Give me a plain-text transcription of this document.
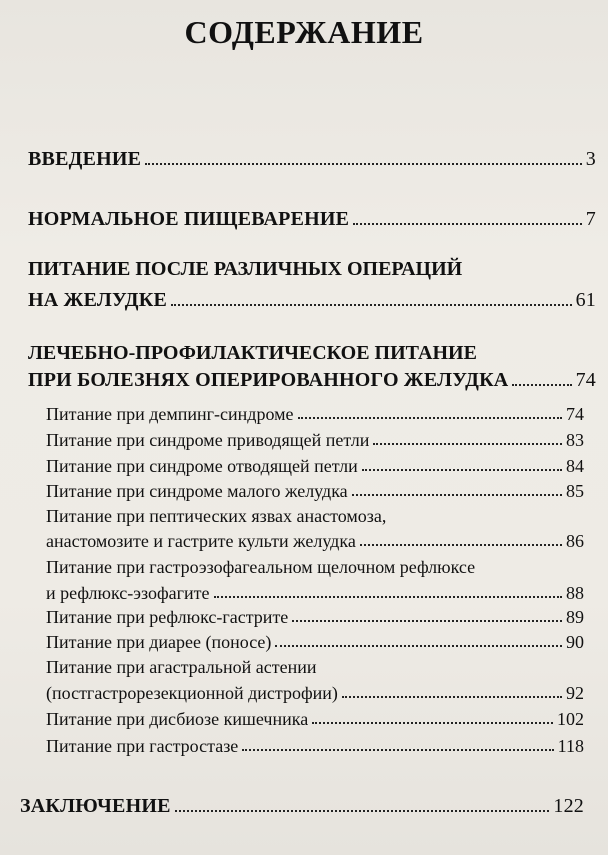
СОДЕРЖАНИЕ
ВВЕДЕНИЕ	3
НОРМАЛЬНОЕ ПИЩЕВАРЕНИЕ	7
ПИТАНИЕ ПОСЛЕ РАЗЛИЧНЫХ ОПЕРАЦИЙ
НА ЖЕЛУДКЕ	61
ЛЕЧЕБНО-ПРОФИЛАКТИЧЕСКОЕ ПИТАНИЕ
ПРИ БОЛЕЗНЯХ ОПЕРИРОВАННОГО ЖЕЛУДКА	74
Питание при демпинг-синдроме	74
Питание при синдроме приводящей петли	83
Питание при синдроме отводящей петли	84
Питание при синдроме малого желудка	85
Питание при пептических язвах анастомоза,
анастомозите и гастрите культи желудка	86
Питание при гастроэзофагеальном щелочном рефлюксе
и рефлюкс-эзофагите	88
Питание при рефлюкс-гастрите	89
Питание при диарее (поносе)	90
Питание при агастральной астении
(постгастрорезекционной дистрофии)	92
Питание при дисбиозе кишечника	102
Питание при гастростазе	118
ЗАКЛЮЧЕНИЕ	122
